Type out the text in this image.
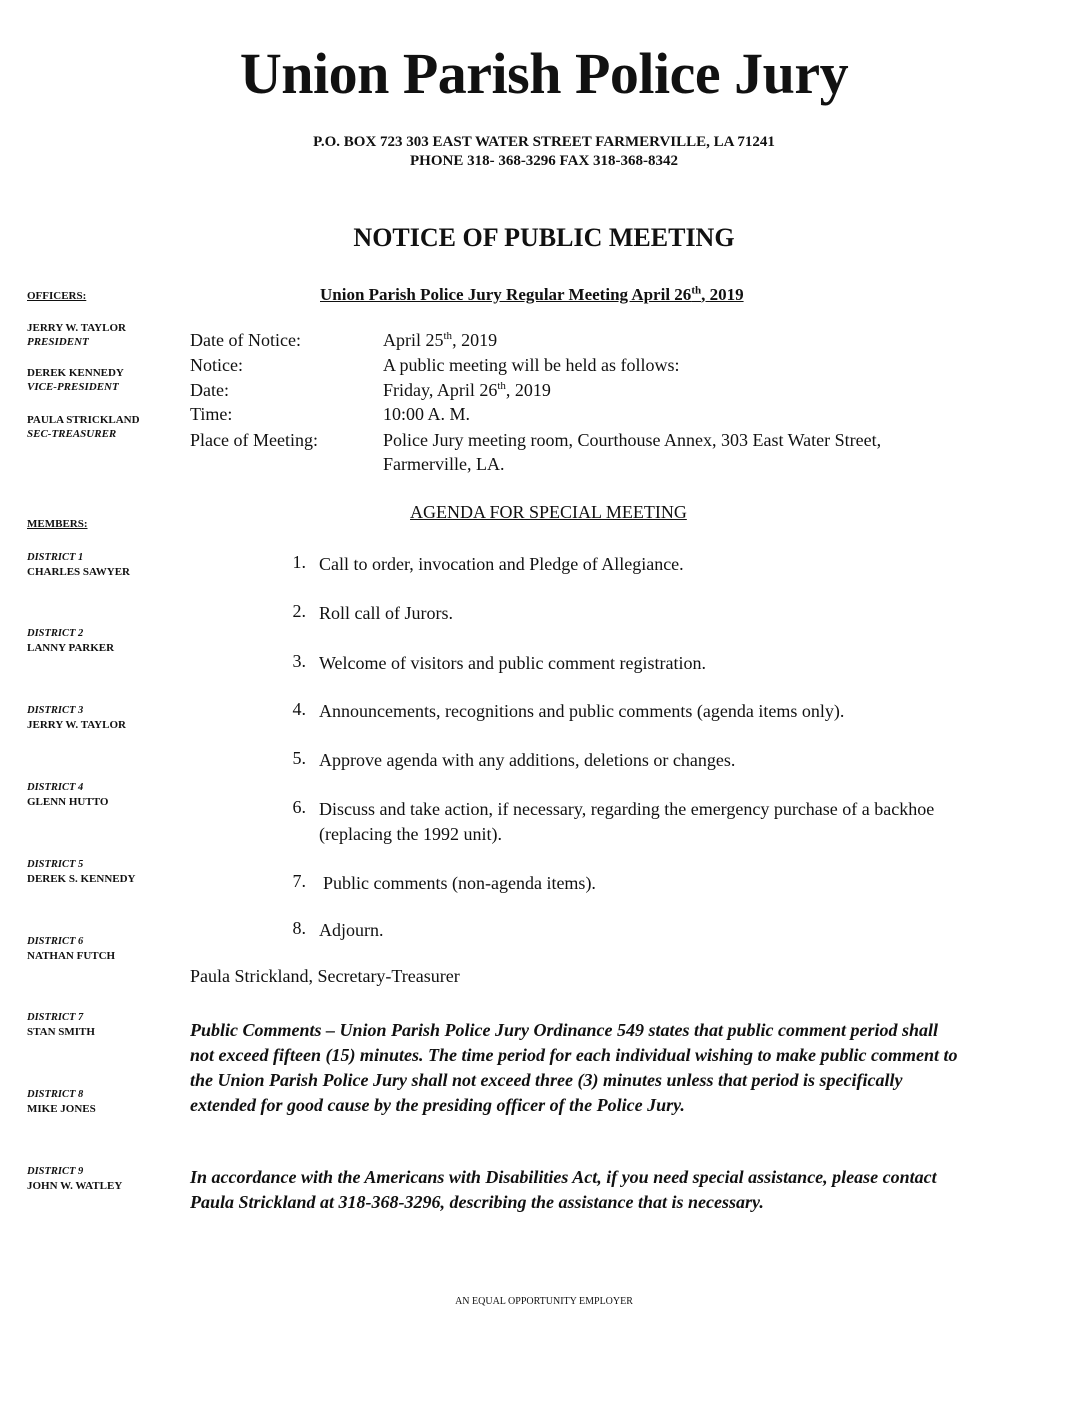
Union Parish Police Jury
P.O. BOX 723 303 EAST WATER STREET FARMERVILLE, LA 71241
PHONE 318- 368-3296 FAX 318-368-8342
NOTICE OF PUBLIC MEETING
Union Parish Police Jury Regular Meeting April 26th, 2019
OFFICERS:
JERRY W. TAYLOR
PRESIDENT
DEREK KENNEDY
VICE-PRESIDENT
PAULA STRICKLAND
SEC-TREASURER
MEMBERS:
DISTRICT 1
CHARLES SAWYER
DISTRICT 2
LANNY PARKER
DISTRICT 3
JERRY W. TAYLOR
DISTRICT 4
GLENN HUTTO
DISTRICT 5
DEREK S. KENNEDY
DISTRICT 6
NATHAN FUTCH
DISTRICT 7
STAN SMITH
DISTRICT 8
MIKE JONES
DISTRICT 9
JOHN W. WATLEY
Date of Notice:	April 25th, 2019
Notice:	A public meeting will be held as follows:
Date:	Friday, April 26th, 2019
Time:	10:00 A. M.
Place of Meeting:	Police Jury meeting room, Courthouse Annex, 303 East Water Street, Farmerville, LA.
AGENDA FOR SPECIAL MEETING
1. Call to order, invocation and Pledge of Allegiance.
2. Roll call of Jurors.
3. Welcome of visitors and public comment registration.
4. Announcements, recognitions and public comments (agenda items only).
5. Approve agenda with any additions, deletions or changes.
6. Discuss and take action, if necessary, regarding the emergency purchase of a backhoe (replacing the 1992 unit).
7. Public comments (non-agenda items).
8. Adjourn.
Paula Strickland, Secretary-Treasurer
Public Comments – Union Parish Police Jury Ordinance 549 states that public comment period shall not exceed fifteen (15) minutes. The time period for each individual wishing to make public comment to the Union Parish Police Jury shall not exceed three (3) minutes unless that period is specifically extended for good cause by the presiding officer of the Police Jury.
In accordance with the Americans with Disabilities Act, if you need special assistance, please contact Paula Strickland at 318-368-3296, describing the assistance that is necessary.
AN EQUAL OPPORTUNITY EMPLOYER
